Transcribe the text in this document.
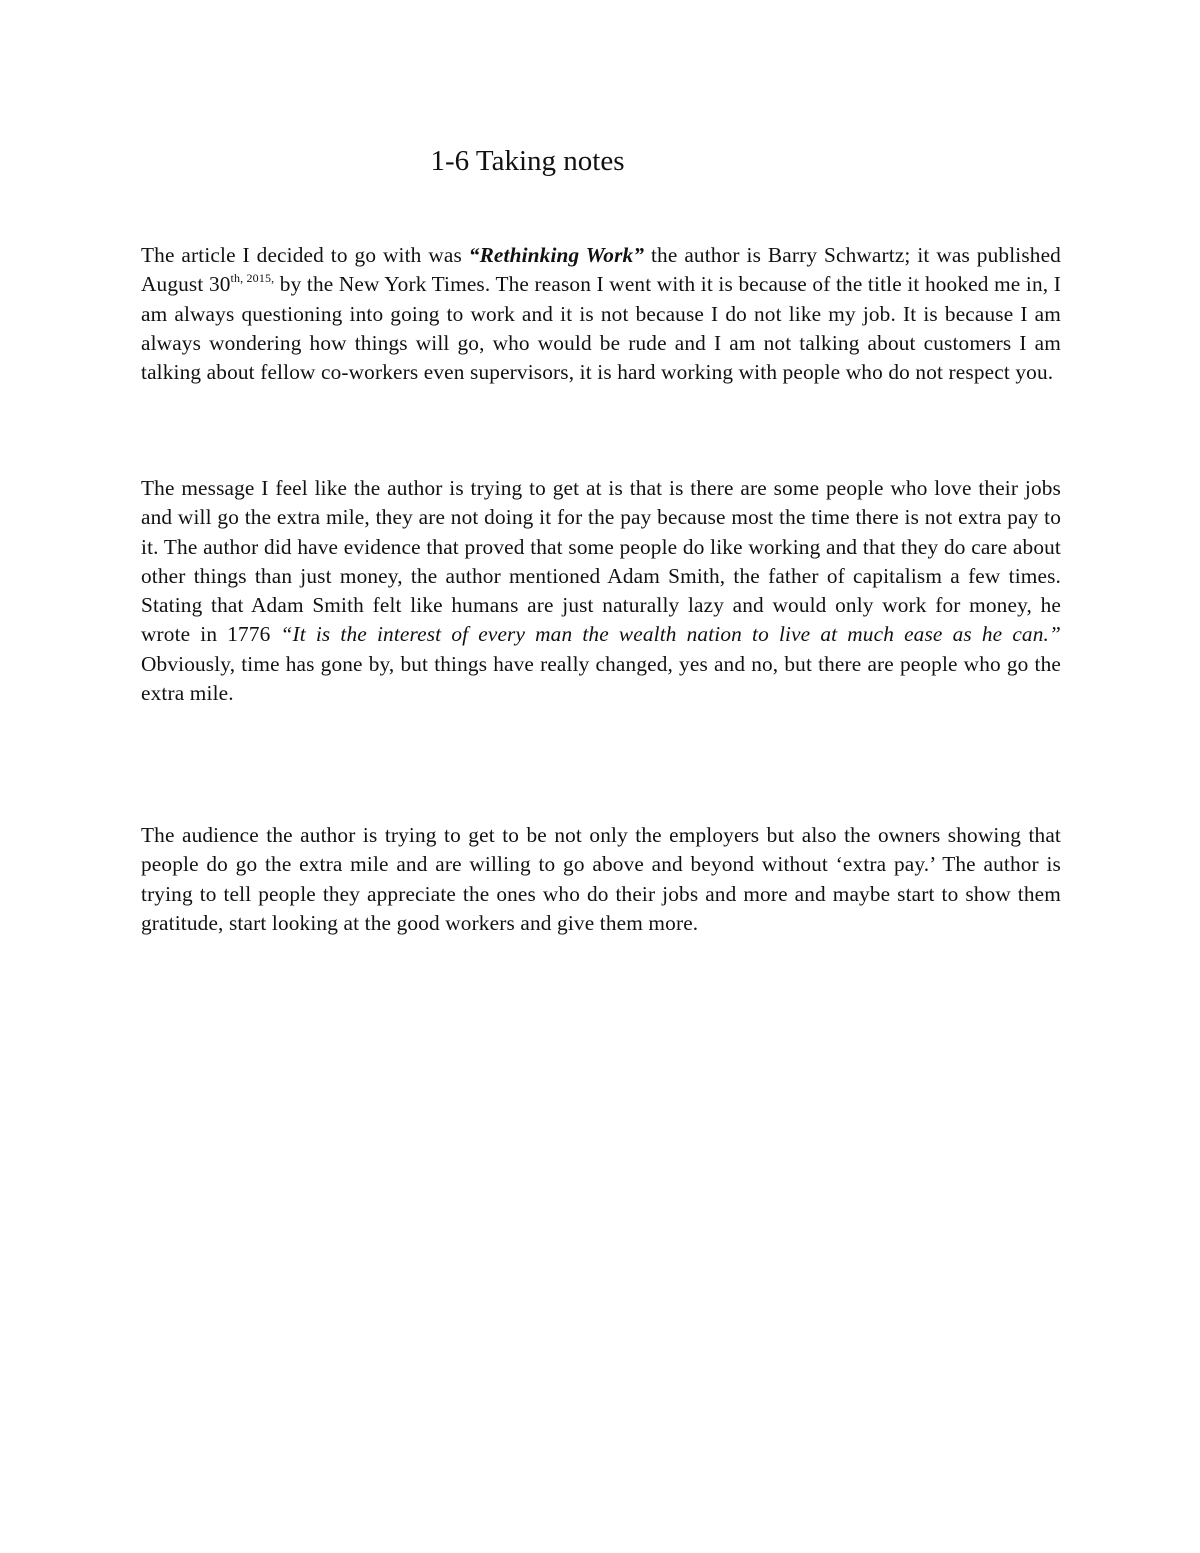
1-6 Taking notes

The article I decided to go with was “Rethinking Work” the author is Barry Schwartz; it was published August $30^{th, 2015,}$ by the New York Times. The reason I went with it is because of the title it hooked me in, I am always questioning into going to work and it is not because I do not like my job. It is because I am always wondering how things will go, who would be rude and I am not talking about customers I am talking about fellow co-workers even supervisors, it is hard working with people who do not respect you.

The message I feel like the author is trying to get at is that is there are some people who love their jobs and will go the extra mile, they are not doing it for the pay because most the time there is not extra pay to it. The author did have evidence that proved that some people do like working and that they do care about other things than just money, the author mentioned Adam Smith, the father of capitalism a few times. Stating that Adam Smith felt like humans are just naturally lazy and would only work for money, he wrote in 1776 “It is the interest of every man the wealth nation to live at much ease as he can.” Obviously, time has gone by, but things have really changed, yes and no, but there are people who go the extra mile.

The audience the author is trying to get to be not only the employers but also the owners showing that people do go the extra mile and are willing to go above and beyond without ‘extra pay.’ The author is trying to tell people they appreciate the ones who do their jobs and more and maybe start to show them gratitude, start looking at the good workers and give them more.
